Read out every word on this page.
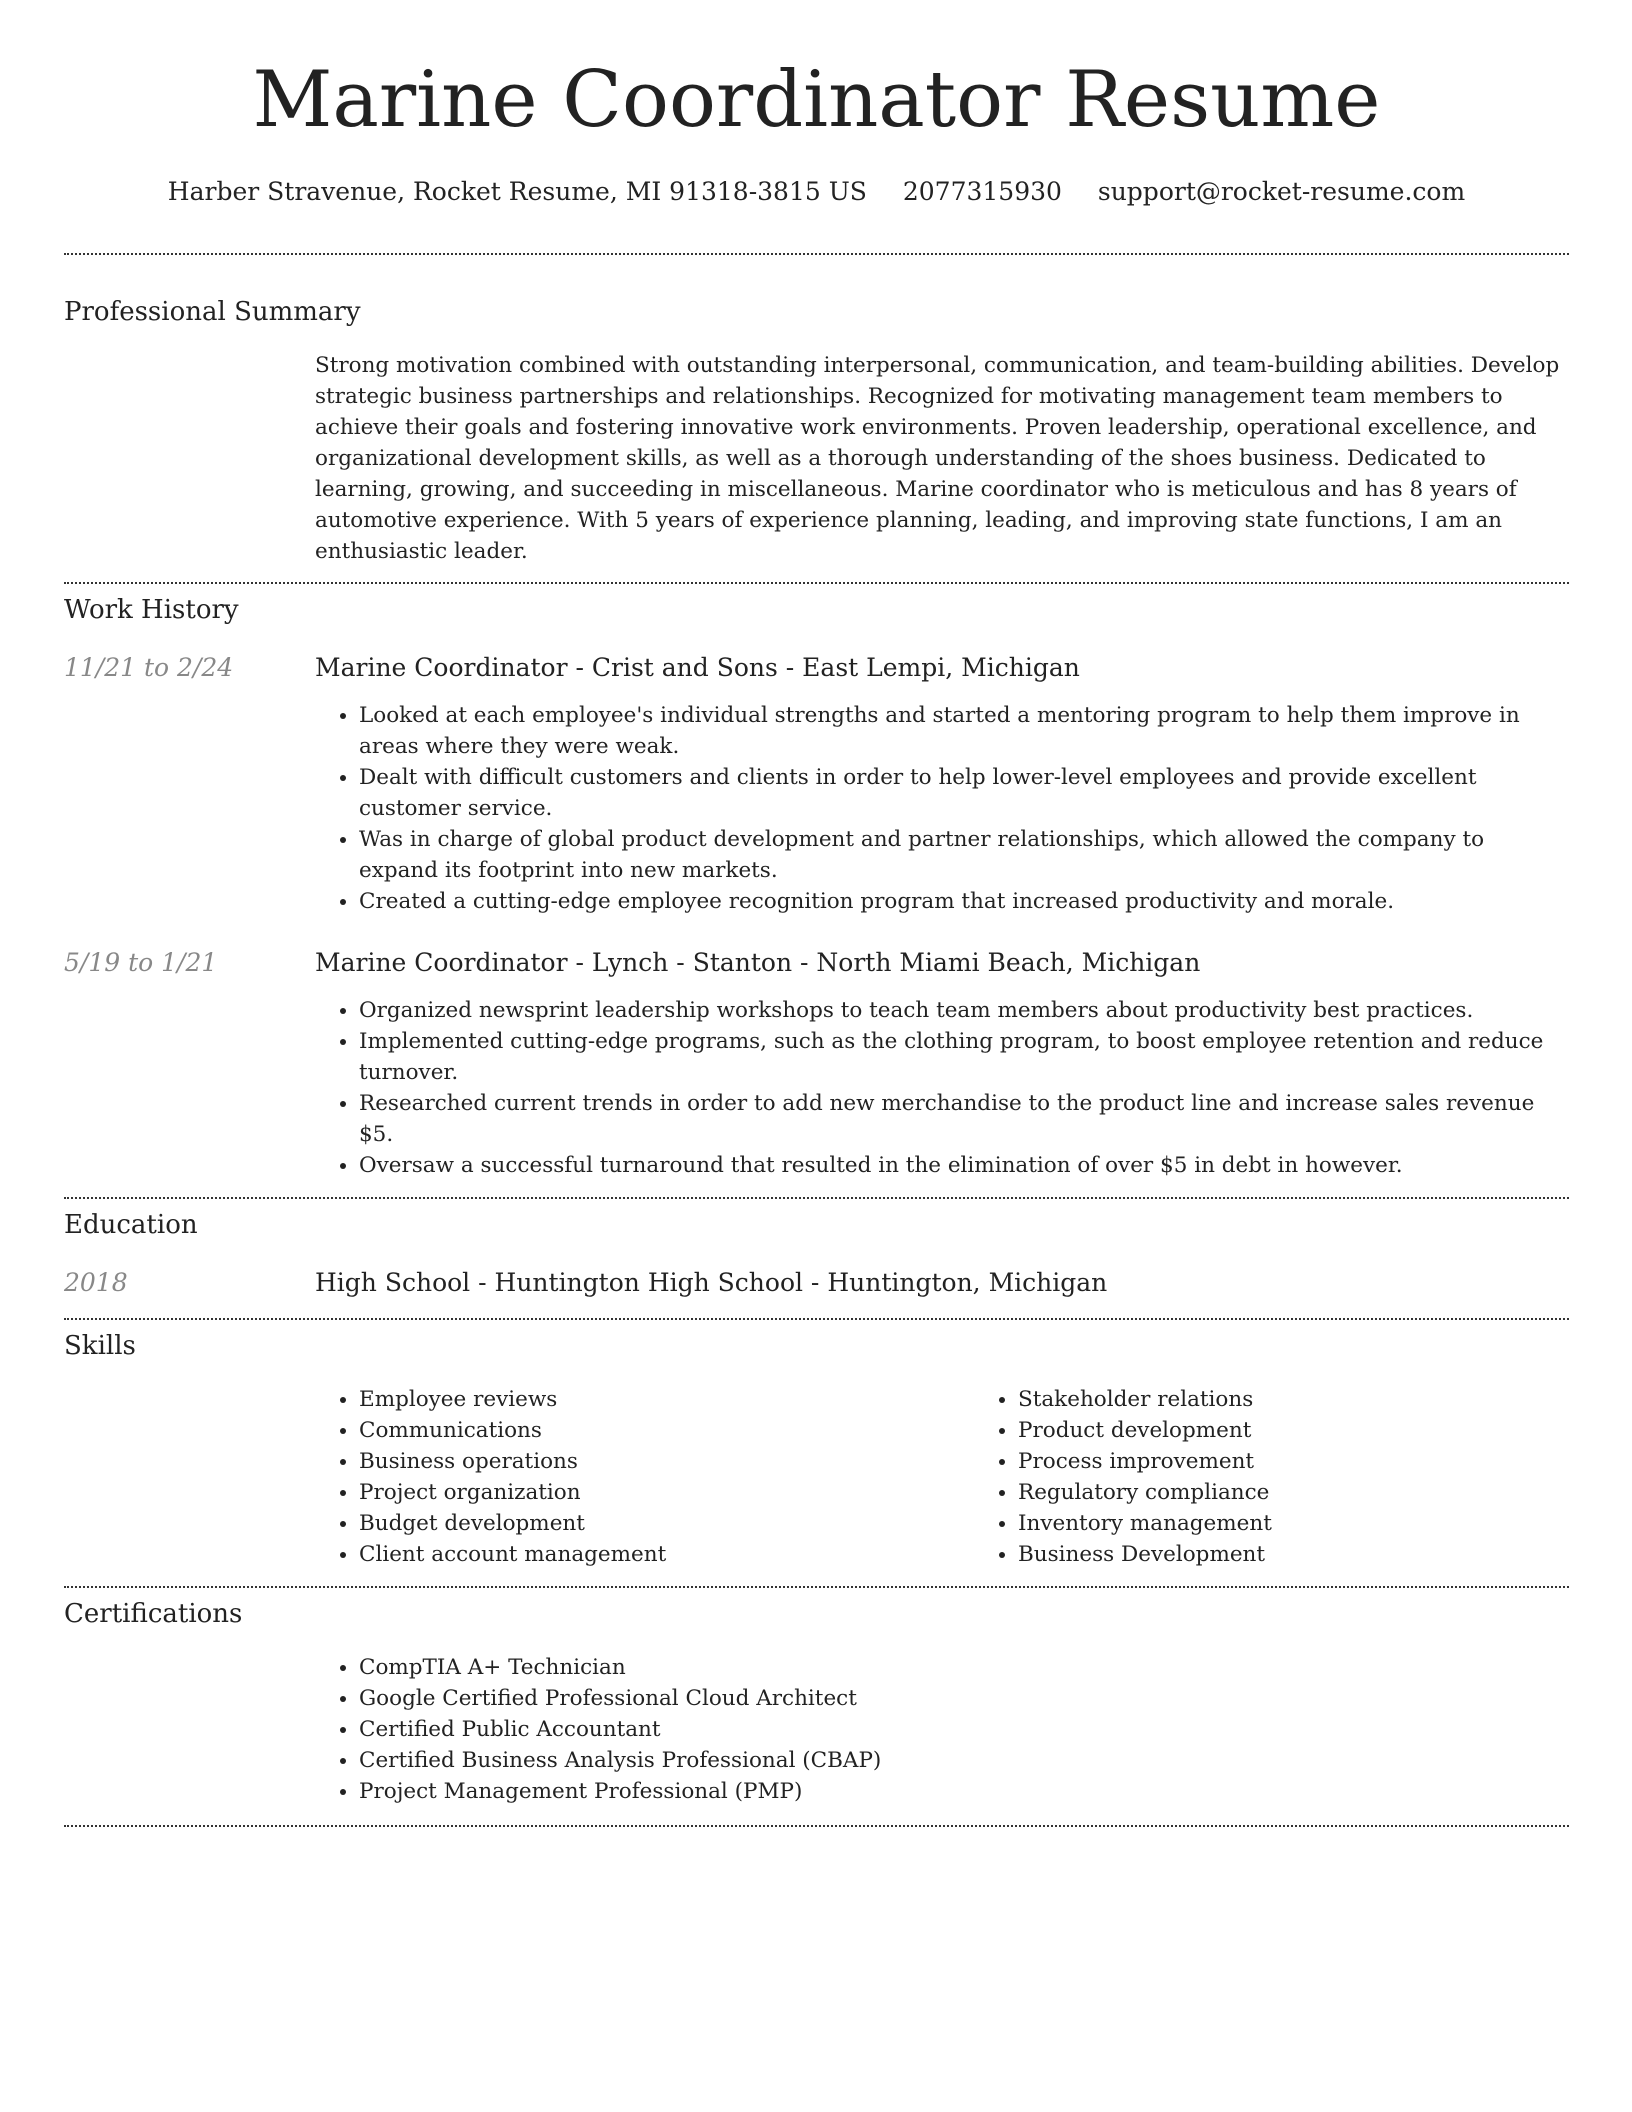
Marine Coordinator Resume
Harber Stravenue, Rocket Resume, MI 91318-3815 US 2077315930 support@rocket-resume.com
Professional Summary
Strong motivation combined with outstanding interpersonal, communication, and team-building abilities. Develop strategic business partnerships and relationships. Recognized for motivating management team members to achieve their goals and fostering innovative work environments. Proven leadership, operational excellence, and organizational development skills, as well as a thorough understanding of the shoes business. Dedicated to learning, growing, and succeeding in miscellaneous. Marine coordinator who is meticulous and has 8 years of automotive experience. With 5 years of experience planning, leading, and improving state functions, I am an enthusiastic leader.
Work History
11/21 to 2/24	Marine Coordinator - Crist and Sons - East Lempi, Michigan
• Looked at each employee's individual strengths and started a mentoring program to help them improve in areas where they were weak.
• Dealt with difficult customers and clients in order to help lower-level employees and provide excellent customer service.
• Was in charge of global product development and partner relationships, which allowed the company to expand its footprint into new markets.
• Created a cutting-edge employee recognition program that increased productivity and morale.
5/19 to 1/21	Marine Coordinator - Lynch - Stanton - North Miami Beach, Michigan
• Organized newsprint leadership workshops to teach team members about productivity best practices.
• Implemented cutting-edge programs, such as the clothing program, to boost employee retention and reduce turnover.
• Researched current trends in order to add new merchandise to the product line and increase sales revenue $5.
• Oversaw a successful turnaround that resulted in the elimination of over $5 in debt in however.
Education
2018	High School - Huntington High School - Huntington, Michigan
Skills
• Employee reviews
• Communications
• Business operations
• Project organization
• Budget development
• Client account management
• Stakeholder relations
• Product development
• Process improvement
• Regulatory compliance
• Inventory management
• Business Development
Certifications
• CompTIA A+ Technician
• Google Certified Professional Cloud Architect
• Certified Public Accountant
• Certified Business Analysis Professional (CBAP)
• Project Management Professional (PMP)
